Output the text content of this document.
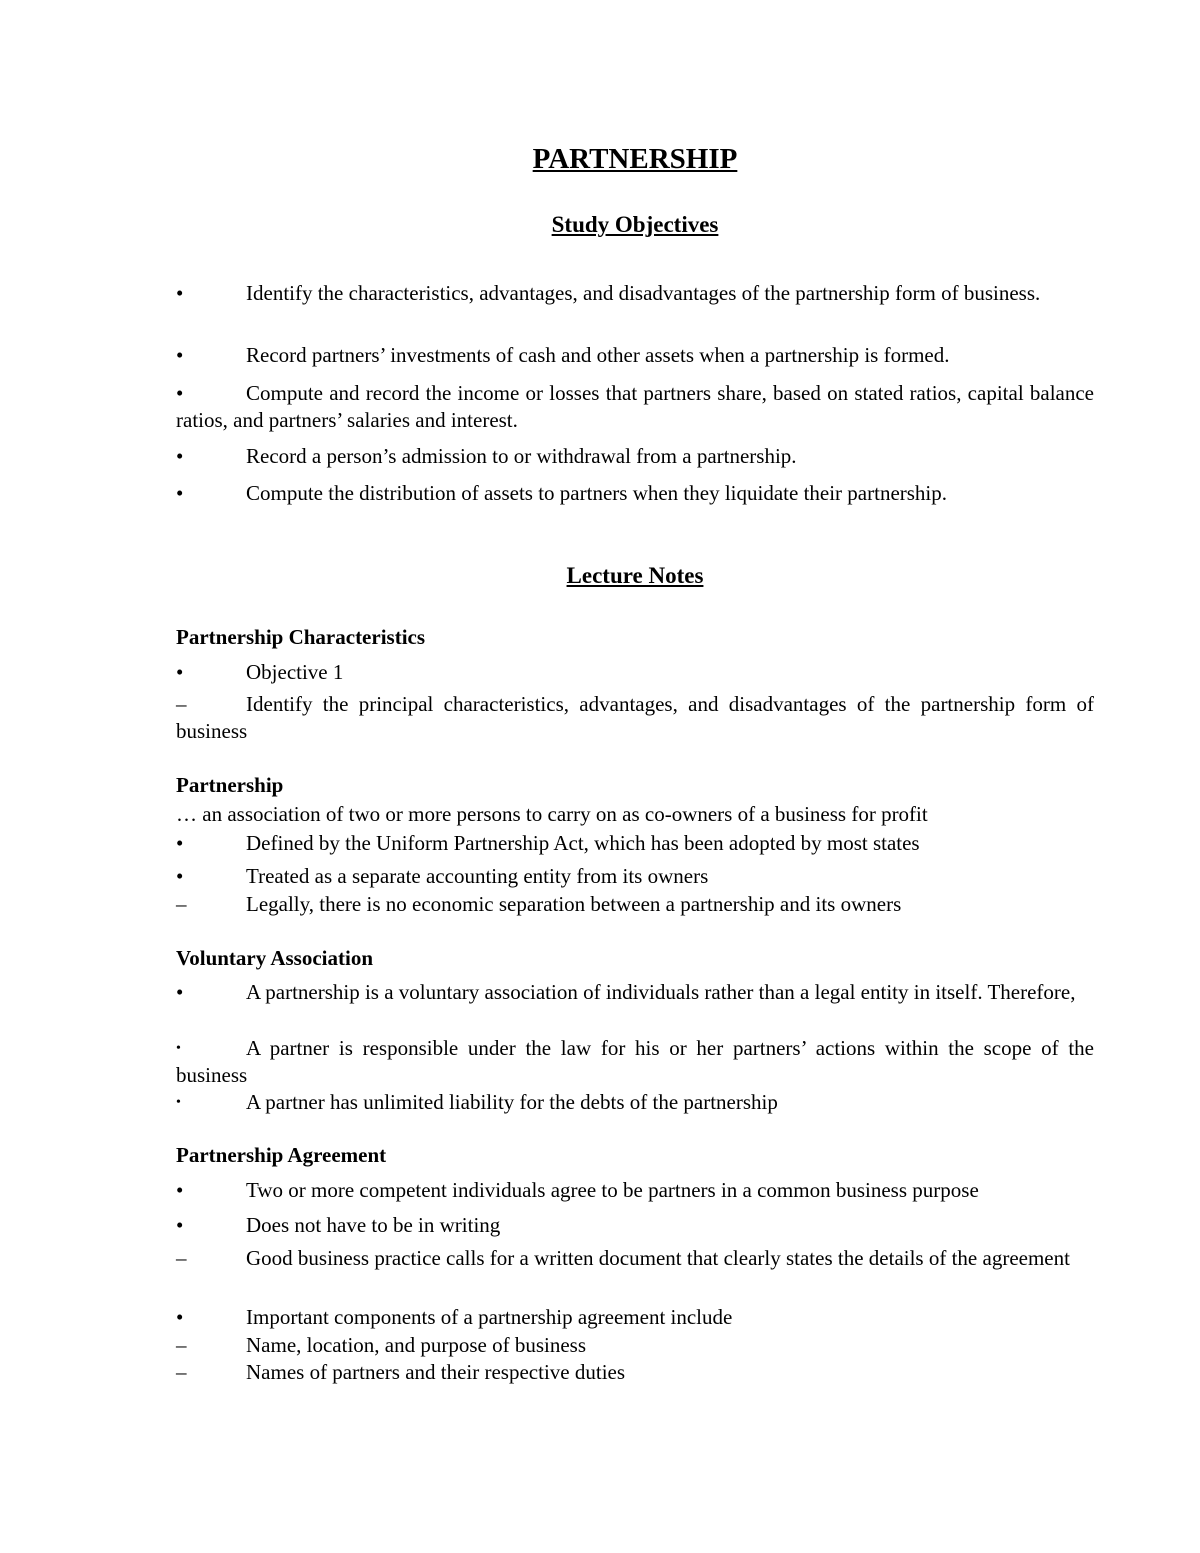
PARTNERSHIP
Study Objectives
•	Identify the characteristics, advantages, and disadvantages of the partnership form of business.
•	Record partners’ investments of cash and other assets when a partnership is formed.
•	Compute and record the income or losses that partners share, based on stated ratios, capital balance ratios, and partners’ salaries and interest.
•	Record a person’s admission to or withdrawal from a partnership.
•	Compute the distribution of assets to partners when they liquidate their partnership.
Lecture Notes
Partnership Characteristics
•	Objective 1
–	Identify the principal characteristics, advantages, and disadvantages of the partnership form of business
Partnership
… an association of two or more persons to carry on as co-owners of a business for profit
•	Defined by the Uniform Partnership Act, which has been adopted by most states
•	Treated as a separate accounting entity from its owners
–	Legally, there is no economic separation between a partnership and its owners
Voluntary Association
•	A partnership is a voluntary association of individuals rather than a legal entity in itself. Therefore,
•	A partner is responsible under the law for his or her partners’ actions within the scope of the business
•	A partner has unlimited liability for the debts of the partnership
Partnership Agreement
•	Two or more competent individuals agree to be partners in a common business purpose
•	Does not have to be in writing
–	Good business practice calls for a written document that clearly states the details of the agreement
•	Important components of a partnership agreement include
–	Name, location, and purpose of business
–	Names of partners and their respective duties
